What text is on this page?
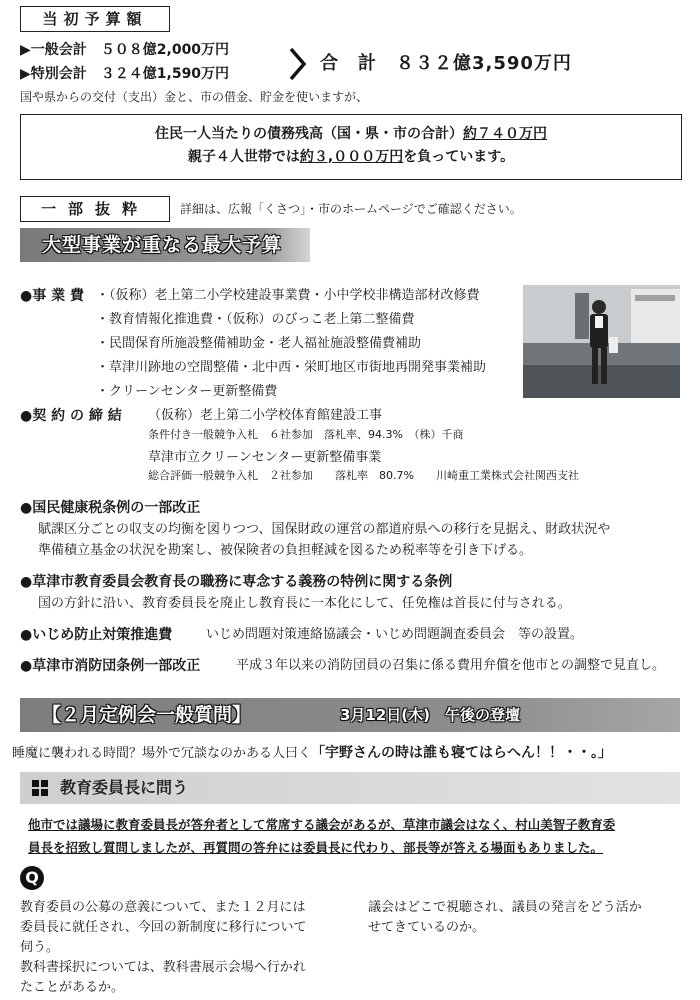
当初予算額
▶一般会計　５０８億2,000万円
▶特別会計　３２４億1,590万円	合　計　８３２億3,590万円
国や県からの交付（支出）金と、市の借金、貯金を使いますが、
住民一人当たりの債務残高（国・県・市の合計）約７４０万円
親子４人世帯では約３,０００万円を負っています。
一部抜粋	詳細は、広報「くさつ」・市のホームページでご確認ください。
大型事業が重なる最大予算
●事 業 費 ・（仮称）老上第二小学校建設事業費・小中学校非構造部材改修費
・教育情報化推進費・（仮称）のびっこ老上第二整備費
・民間保育所施設整備補助金・老人福祉施設整備費補助
・草津川跡地の空間整備・北中西・栄町地区市街地再開発事業補助
・クリーンセンター更新整備費
●契 約 の 締 結	（仮称）老上第二小学校体育館建設工事
条件付き一般競争入札　６社参加　落札率、94.3%　（株）千商
草津市立クリーンセンター更新整備事業
総合評価一般競争入札　２社参加　　落札率　80.7%　　川崎重工業株式会社関西支社
●国民健康税条例の一部改正
賦課区分ごとの収支の均衡を図りつつ、国保財政の運営の都道府県への移行を見据え、財政状況や
準備積立基金の状況を勘案し、被保険者の負担軽減を図るため税率等を引き下げる。
●草津市教育委員会教育長の職務に専念する義務の特例に関する条例
国の方針に沿い、教育委員長を廃止し教育長に一本化にして、任免権は首長に付与される。
●いじめ防止対策推進費	いじめ問題対策連絡協議会・いじめ問題調査委員会　等の設置。
●草津市消防団条例一部改正	平成３年以来の消防団員の召集に係る費用弁償を他市との調整で見直し。
【２月定例会一般質問】	3月12日(木)　午後の登壇
睡魔に襲われる時間？場外で冗談なのかある人曰く「宇野さんの時は誰も寝てはらへん！！・・。」
教育委員長に問う
他市では議場に教育委員長が答弁者として常席する議会があるが、草津市議会はなく、村山美智子教育委
員長を招致し質問しましたが、再質問の答弁には委員長に代わり、部長等が答える場面もありました。
Q
教育委員の公募の意義について、また１２月には
委員長に就任され、今回の新制度に移行について
伺う。
教科書採択については、教科書展示会場へ行かれ
たことがあるか。
議会はどこで視聴され、議員の発言をどう活か
せてきているのか。
